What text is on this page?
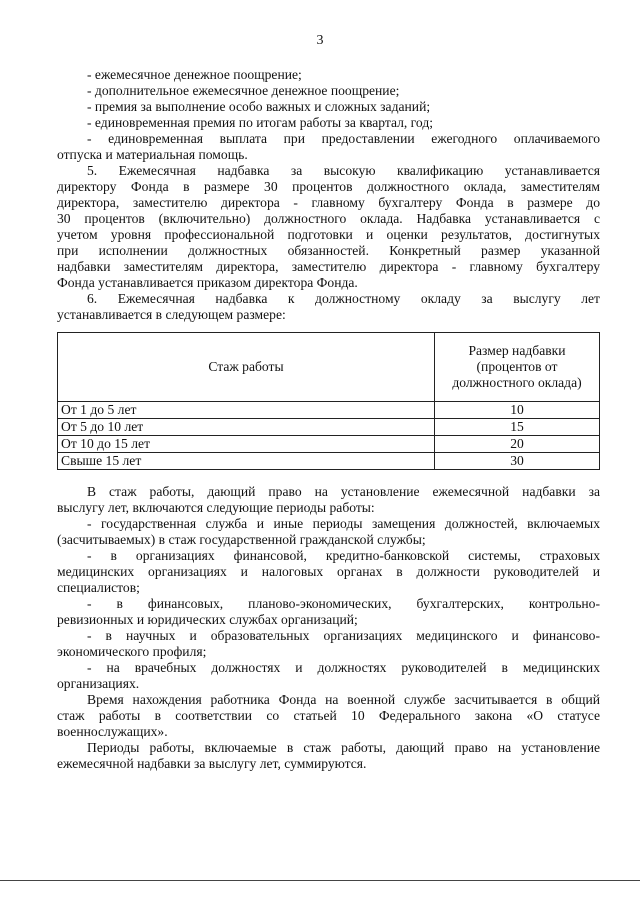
3
- ежемесячное денежное поощрение;
- дополнительное ежемесячное денежное поощрение;
- премия за выполнение особо важных и сложных заданий;
- единовременная премия по итогам работы за квартал, год;
- единовременная выплата при предоставлении ежегодного оплачиваемого
отпуска и материальная помощь.
5. Ежемесячная надбавка за высокую квалификацию устанавливается
директору Фонда в размере 30 процентов должностного оклада, заместителям
директора, заместителю директора - главному бухгалтеру Фонда в размере до
30 процентов (включительно) должностного оклада. Надбавка устанавливается с
учетом уровня профессиональной подготовки и оценки результатов, достигнутых
при исполнении должностных обязанностей. Конкретный размер указанной
надбавки заместителям директора, заместителю директора - главному бухгалтеру
Фонда устанавливается приказом директора Фонда.
6. Ежемесячная надбавка к должностному окладу за выслугу лет
устанавливается в следующем размере:
Стаж работы	Размер надбавки (процентов от должностного оклада)
От 1 до 5 лет	10
От 5 до 10 лет	15
От 10 до 15 лет	20
Свыше 15 лет	30
В стаж работы, дающий право на установление ежемесячной надбавки за
выслугу лет, включаются следующие периоды работы:
- государственная служба и иные периоды замещения должностей, включаемых
(засчитываемых) в стаж государственной гражданской службы;
- в организациях финансовой, кредитно-банковской системы, страховых
медицинских организациях и налоговых органах в должности руководителей и
специалистов;
- в финансовых, планово-экономических, бухгалтерских, контрольно-
ревизионных и юридических службах организаций;
- в научных и образовательных организациях медицинского и финансово-
экономического профиля;
- на врачебных должностях и должностях руководителей в медицинских
организациях.
Время нахождения работника Фонда на военной службе засчитывается в общий
стаж работы в соответствии со статьей 10 Федерального закона «О статусе
военнослужащих».
Периоды работы, включаемые в стаж работы, дающий право на установление
ежемесячной надбавки за выслугу лет, суммируются.
